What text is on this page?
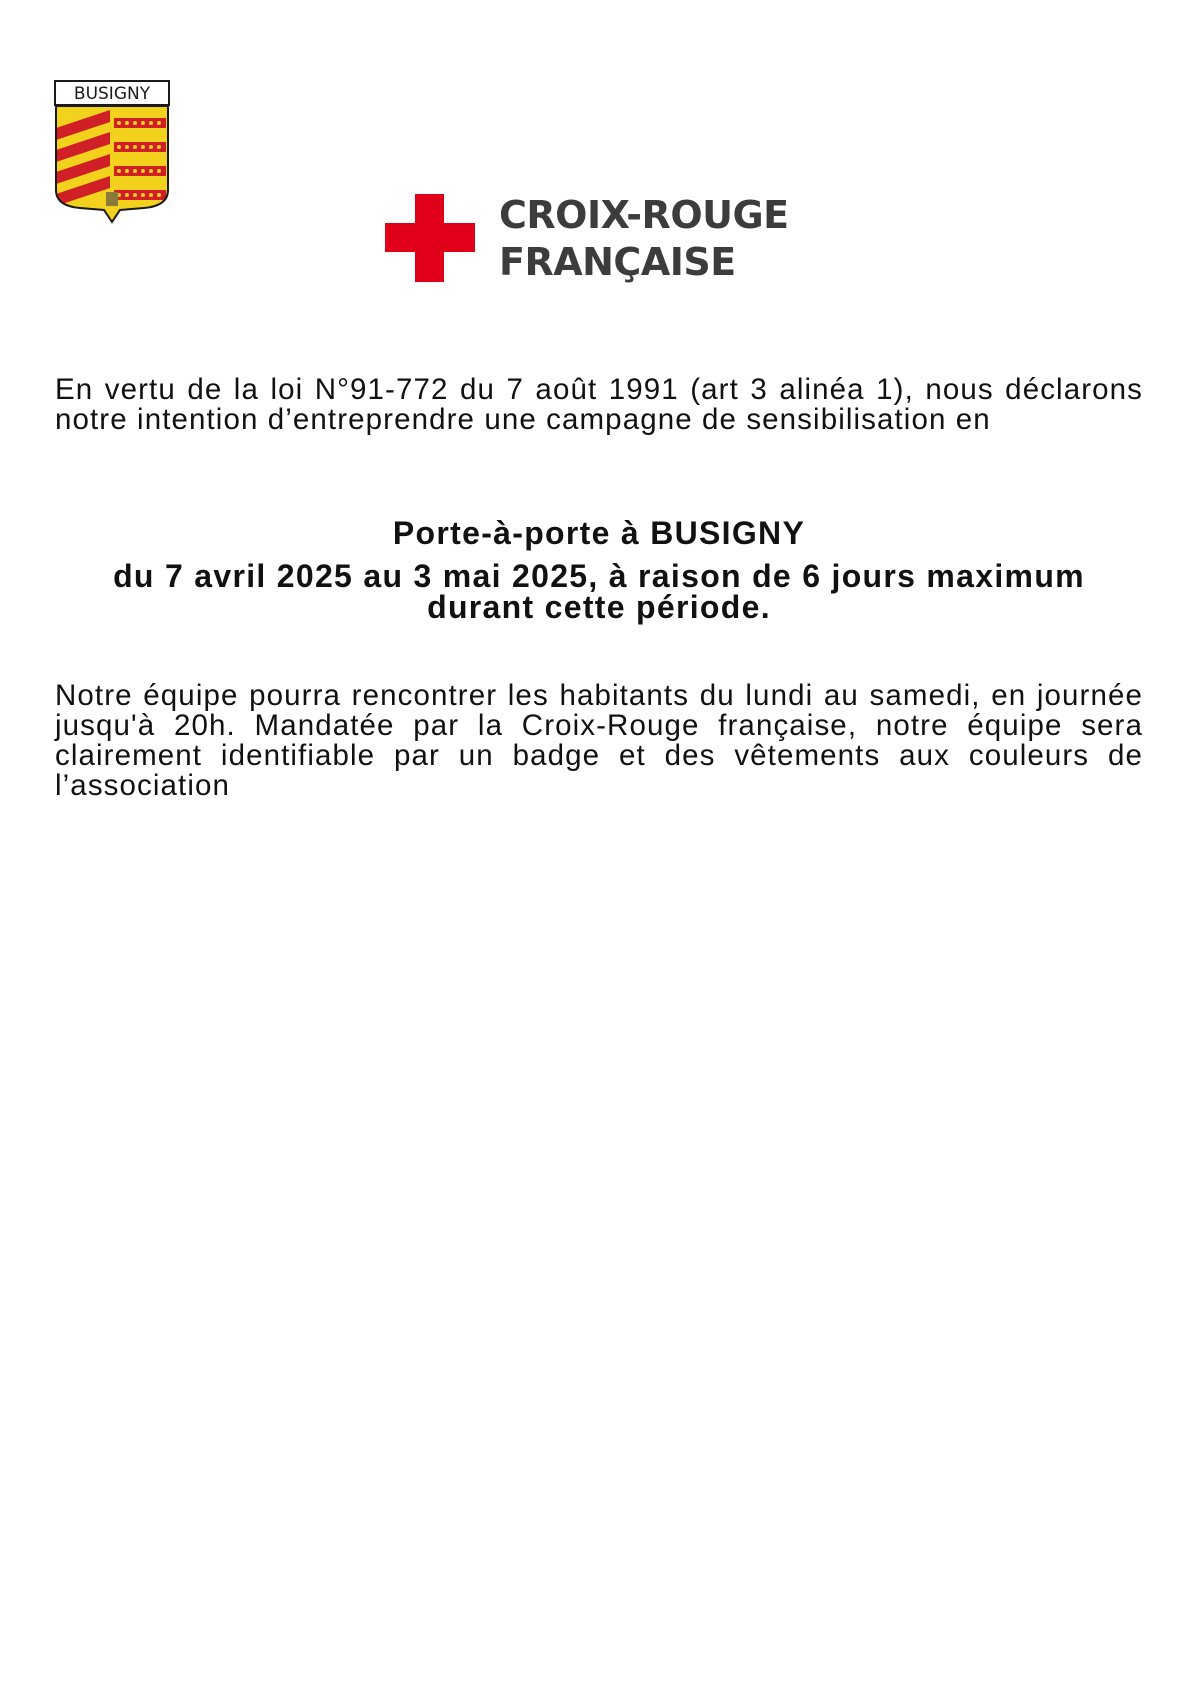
BUSIGNY
CROIX-ROUGE
FRANÇAISE

En vertu de la loi N°91-772 du 7 août 1991 (art 3 alinéa 1), nous déclarons notre intention d’entreprendre une campagne de sensibilisation en

Porte-à-porte à BUSIGNY
du 7 avril 2025 au 3 mai 2025, à raison de 6 jours maximum durant cette période.

Notre équipe pourra rencontrer les habitants du lundi au samedi, en journée jusqu'à 20h. Mandatée par la Croix-Rouge française, notre équipe sera clairement identifiable par un badge et des vêtements aux couleurs de l’association
